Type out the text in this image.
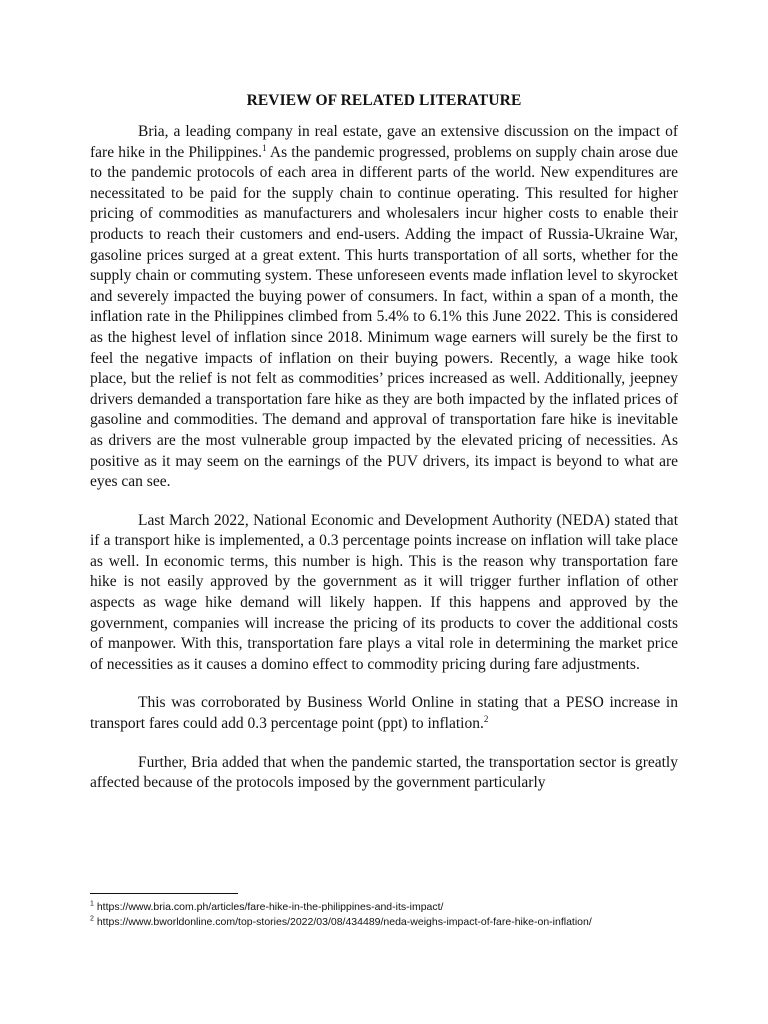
REVIEW OF RELATED LITERATURE

Bria, a leading company in real estate, gave an extensive discussion on the impact of fare hike in the Philippines.$^1$ As the pandemic progressed, problems on supply chain arose due to the pandemic protocols of each area in different parts of the world. New expenditures are necessitated to be paid for the supply chain to continue operating. This resulted for higher pricing of commodities as manufacturers and wholesalers incur higher costs to enable their products to reach their customers and end-users. Adding the impact of Russia-Ukraine War, gasoline prices surged at a great extent. This hurts transportation of all sorts, whether for the supply chain or commuting system. These unforeseen events made inflation level to skyrocket and severely impacted the buying power of consumers. In fact, within a span of a month, the inflation rate in the Philippines climbed from 5.4% to 6.1% this June 2022. This is considered as the highest level of inflation since 2018. Minimum wage earners will surely be the first to feel the negative impacts of inflation on their buying powers. Recently, a wage hike took place, but the relief is not felt as commodities’ prices increased as well. Additionally, jeepney drivers demanded a transportation fare hike as they are both impacted by the inflated prices of gasoline and commodities. The demand and approval of transportation fare hike is inevitable as drivers are the most vulnerable group impacted by the elevated pricing of necessities. As positive as it may seem on the earnings of the PUV drivers, its impact is beyond to what are eyes can see.

Last March 2022, National Economic and Development Authority (NEDA) stated that if a transport hike is implemented, a 0.3 percentage points increase on inflation will take place as well. In economic terms, this number is high. This is the reason why transportation fare hike is not easily approved by the government as it will trigger further inflation of other aspects as wage hike demand will likely happen. If this happens and approved by the government, companies will increase the pricing of its products to cover the additional costs of manpower. With this, transportation fare plays a vital role in determining the market price of necessities as it causes a domino effect to commodity pricing during fare adjustments.

This was corroborated by Business World Online in stating that a PESO increase in transport fares could add 0.3 percentage point (ppt) to inflation.$^2$

Further, Bria added that when the pandemic started, the transportation sector is greatly affected because of the protocols imposed by the government particularly

$^1$ https://www.bria.com.ph/articles/fare-hike-in-the-philippines-and-its-impact/

$^2$ https://www.bworldonline.com/top-stories/2022/03/08/434489/neda-weighs-impact-of-fare-hike-on-inflation/
